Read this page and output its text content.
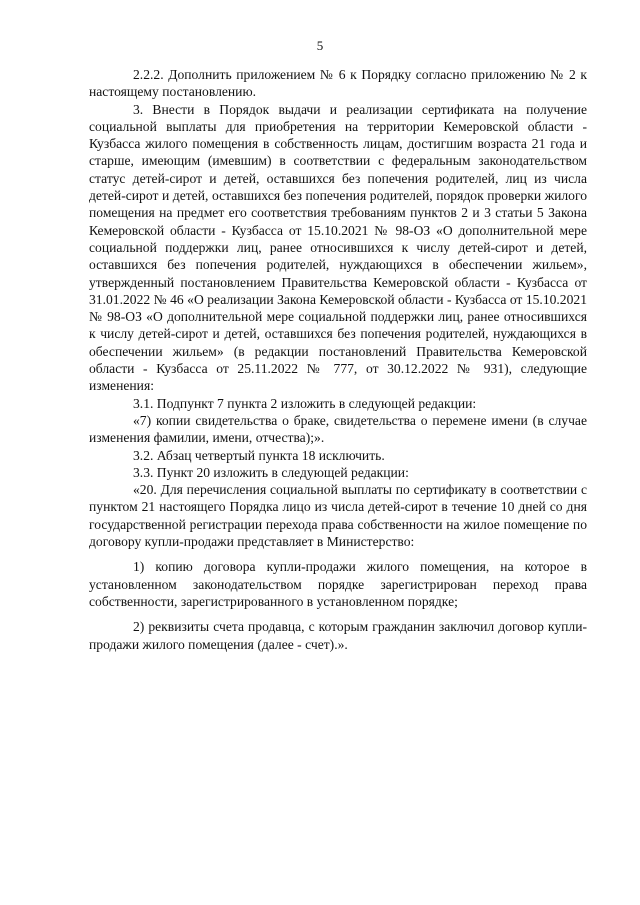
5

2.2.2. Дополнить приложением № 6 к Порядку согласно приложению № 2 к настоящему постановлению.

3. Внести в Порядок выдачи и реализации сертификата на получение социальной выплаты для приобретения на территории Кемеровской области - Кузбасса жилого помещения в собственность лицам, достигшим возраста 21 года и старше, имеющим (имевшим) в соответствии с федеральным законодательством статус детей-сирот и детей, оставшихся без попечения родителей, лиц из числа детей-сирот и детей, оставшихся без попечения родителей, порядок проверки жилого помещения на предмет его соответствия требованиям пунктов 2 и 3 статьи 5 Закона Кемеровской области - Кузбасса от 15.10.2021 № 98-ОЗ «О дополнительной мере социальной поддержки лиц, ранее относившихся к числу детей-сирот и детей, оставшихся без попечения родителей, нуждающихся в обеспечении жильем», утвержденный постановлением Правительства Кемеровской области - Кузбасса от 31.01.2022 № 46 «О реализации Закона Кемеровской области - Кузбасса от 15.10.2021 № 98-ОЗ «О дополнительной мере социальной поддержки лиц, ранее относившихся к числу детей-сирот и детей, оставшихся без попечения родителей, нуждающихся в обеспечении жильем» (в редакции постановлений Правительства Кемеровской области - Кузбасса от 25.11.2022 № 777, от 30.12.2022 № 931), следующие изменения:

3.1. Подпункт 7 пункта 2 изложить в следующей редакции:

«7) копии свидетельства о браке, свидетельства о перемене имени (в случае изменения фамилии, имени, отчества);».

3.2. Абзац четвертый пункта 18 исключить.

3.3. Пункт 20 изложить в следующей редакции:

«20. Для перечисления социальной выплаты по сертификату в соответствии с пунктом 21 настоящего Порядка лицо из числа детей-сирот в течение 10 дней со дня государственной регистрации перехода права собственности на жилое помещение по договору купли-продажи представляет в Министерство:

1) копию договора купли-продажи жилого помещения, на которое в установленном законодательством порядке зарегистрирован переход права собственности, зарегистрированного в установленном порядке;

2) реквизиты счета продавца, с которым гражданин заключил договор купли-продажи жилого помещения (далее - счет).».
